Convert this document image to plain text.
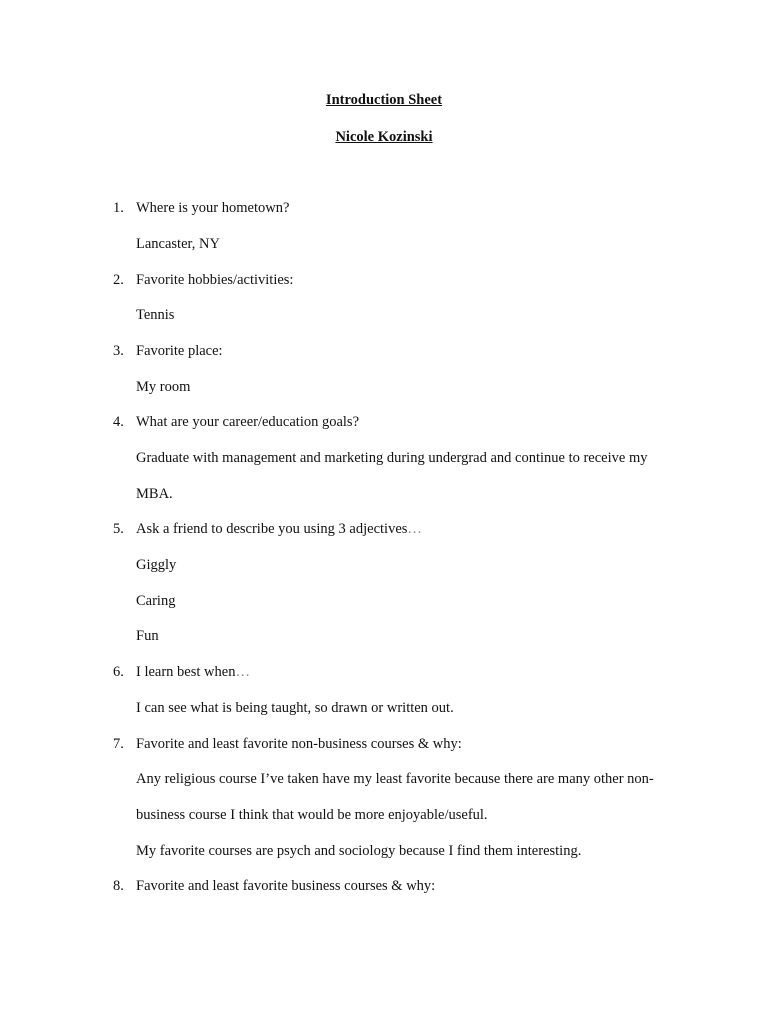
Introduction Sheet
Nicole Kozinski
1. Where is your hometown?
Lancaster, NY
2. Favorite hobbies/activities:
Tennis
3. Favorite place:
My room
4. What are your career/education goals?
Graduate with management and marketing during undergrad and continue to receive my
MBA.
5. Ask a friend to describe you using 3 adjectives…
Giggly
Caring
Fun
6. I learn best when…
I can see what is being taught, so drawn or written out.
7. Favorite and least favorite non-business courses & why:
Any religious course I’ve taken have my least favorite because there are many other non-
business course I think that would be more enjoyable/useful.
My favorite courses are psych and sociology because I find them interesting.
8. Favorite and least favorite business courses & why:
